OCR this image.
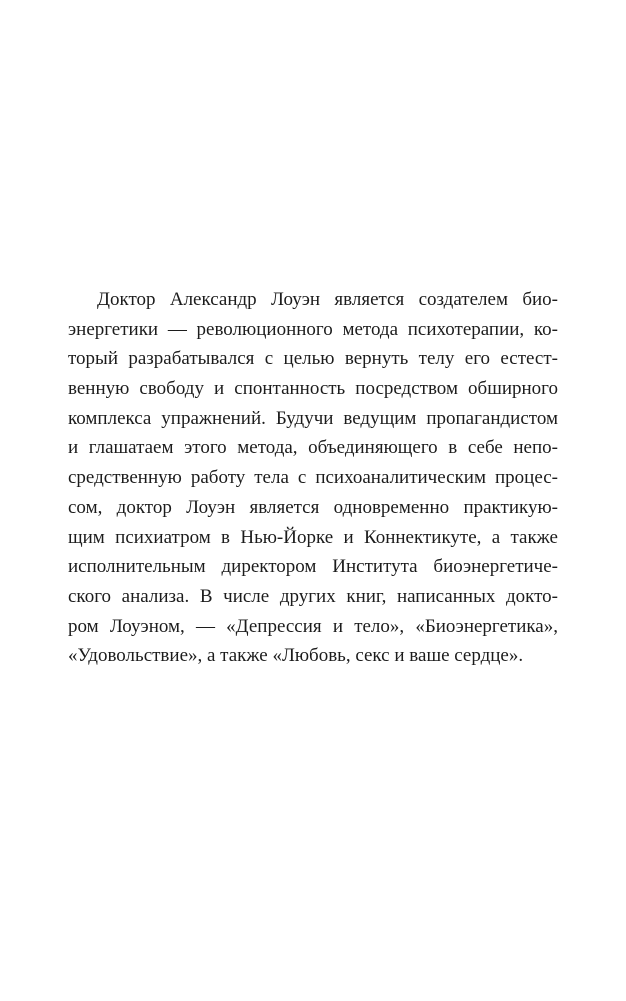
Доктор Александр Лоуэн является создателем био-
энергетики — революционного метода психотерапии, ко-
торый разрабатывался с целью вернуть телу его естест-
венную свободу и спонтанность посредством обширного
комплекса упражнений. Будучи ведущим пропагандистом
и глашатаем этого метода, объединяющего в себе непо-
средственную работу тела с психоаналитическим процес-
сом, доктор Лоуэн является одновременно практикую-
щим психиатром в Нью-Йорке и Коннектикуте, а также
исполнительным директором Института биоэнергетиче-
ского анализа. В числе других книг, написанных докто-
ром Лоуэном, — «Депрессия и тело», «Биоэнергетика»,
«Удовольствие», а также «Любовь, секс и ваше сердце».
